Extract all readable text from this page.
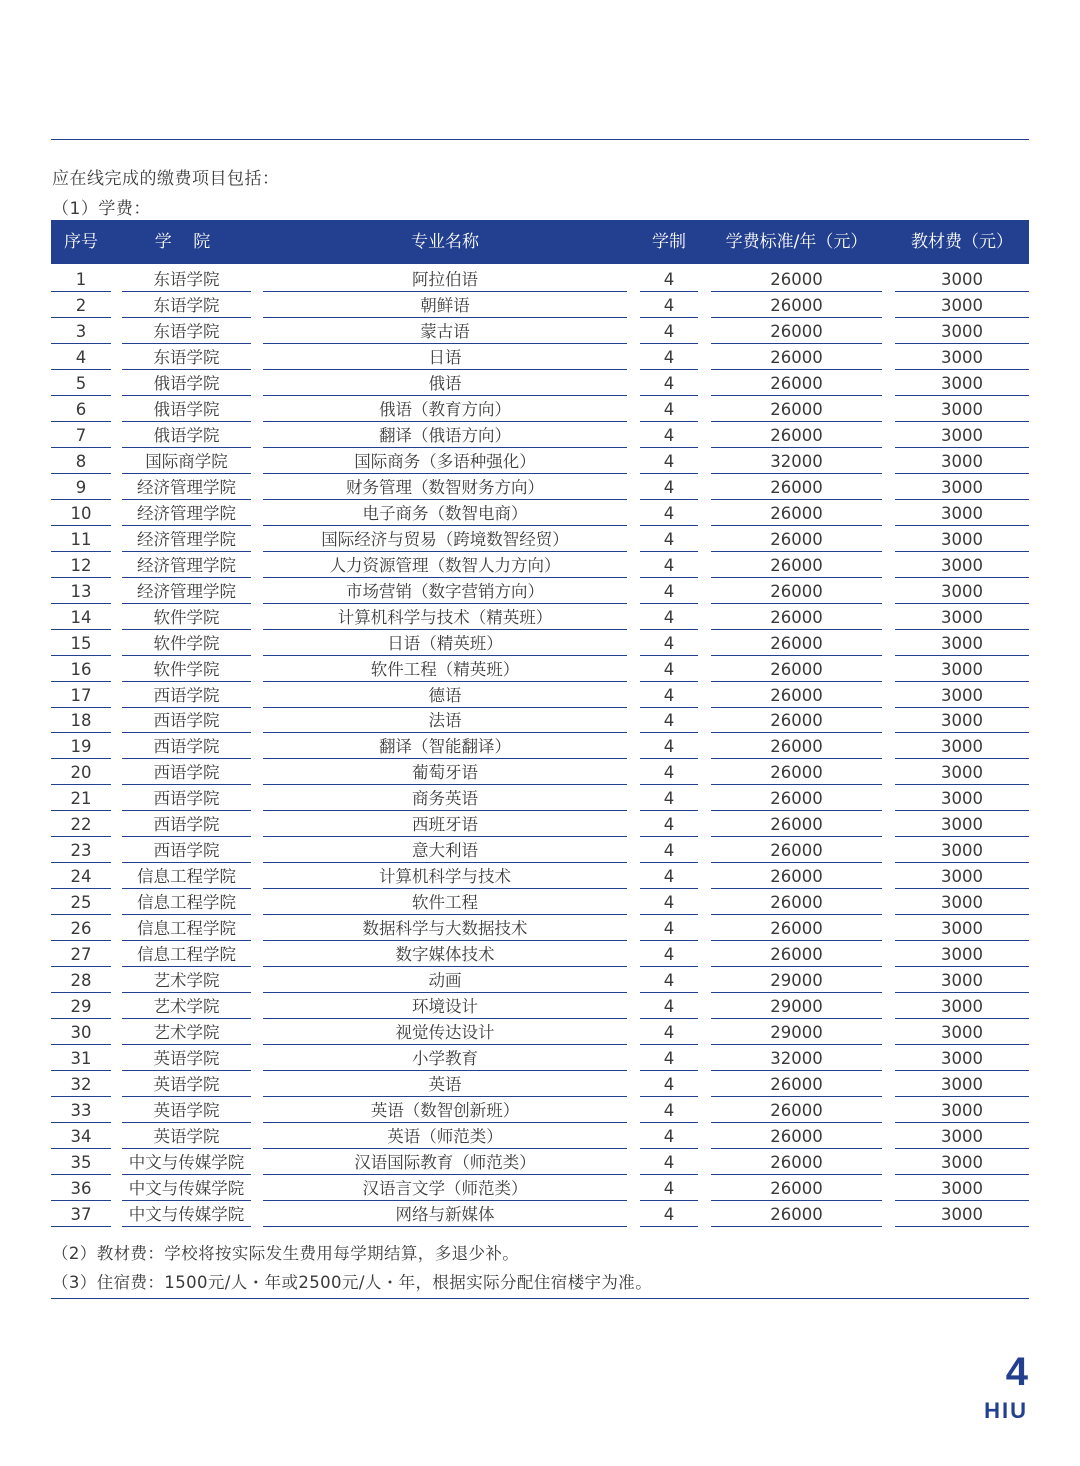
应在线完成的缴费项目包括：
（1）学费：
序号	学 院	专业名称	学制	学费标准/年（元）	教材费（元）
1	东语学院	阿拉伯语	4	26000	3000
2	东语学院	朝鲜语	4	26000	3000
3	东语学院	蒙古语	4	26000	3000
4	东语学院	日语	4	26000	3000
5	俄语学院	俄语	4	26000	3000
6	俄语学院	俄语（教育方向）	4	26000	3000
7	俄语学院	翻译（俄语方向）	4	26000	3000
8	国际商学院	国际商务（多语种强化）	4	32000	3000
9	经济管理学院	财务管理（数智财务方向）	4	26000	3000
10	经济管理学院	电子商务（数智电商）	4	26000	3000
11	经济管理学院	国际经济与贸易（跨境数智经贸）	4	26000	3000
12	经济管理学院	人力资源管理（数智人力方向）	4	26000	3000
13	经济管理学院	市场营销（数字营销方向）	4	26000	3000
14	软件学院	计算机科学与技术（精英班）	4	26000	3000
15	软件学院	日语（精英班）	4	26000	3000
16	软件学院	软件工程（精英班）	4	26000	3000
17	西语学院	德语	4	26000	3000
18	西语学院	法语	4	26000	3000
19	西语学院	翻译（智能翻译）	4	26000	3000
20	西语学院	葡萄牙语	4	26000	3000
21	西语学院	商务英语	4	26000	3000
22	西语学院	西班牙语	4	26000	3000
23	西语学院	意大利语	4	26000	3000
24	信息工程学院	计算机科学与技术	4	26000	3000
25	信息工程学院	软件工程	4	26000	3000
26	信息工程学院	数据科学与大数据技术	4	26000	3000
27	信息工程学院	数字媒体技术	4	26000	3000
28	艺术学院	动画	4	29000	3000
29	艺术学院	环境设计	4	29000	3000
30	艺术学院	视觉传达设计	4	29000	3000
31	英语学院	小学教育	4	32000	3000
32	英语学院	英语	4	26000	3000
33	英语学院	英语（数智创新班）	4	26000	3000
34	英语学院	英语（师范类）	4	26000	3000
35	中文与传媒学院	汉语国际教育（师范类）	4	26000	3000
36	中文与传媒学院	汉语言文学（师范类）	4	26000	3000
37	中文与传媒学院	网络与新媒体	4	26000	3000
（2）教材费：学校将按实际发生费用每学期结算，多退少补。
（3）住宿费：1500元/人・年或2500元/人・年，根据实际分配住宿楼宇为准。
4
HIU
